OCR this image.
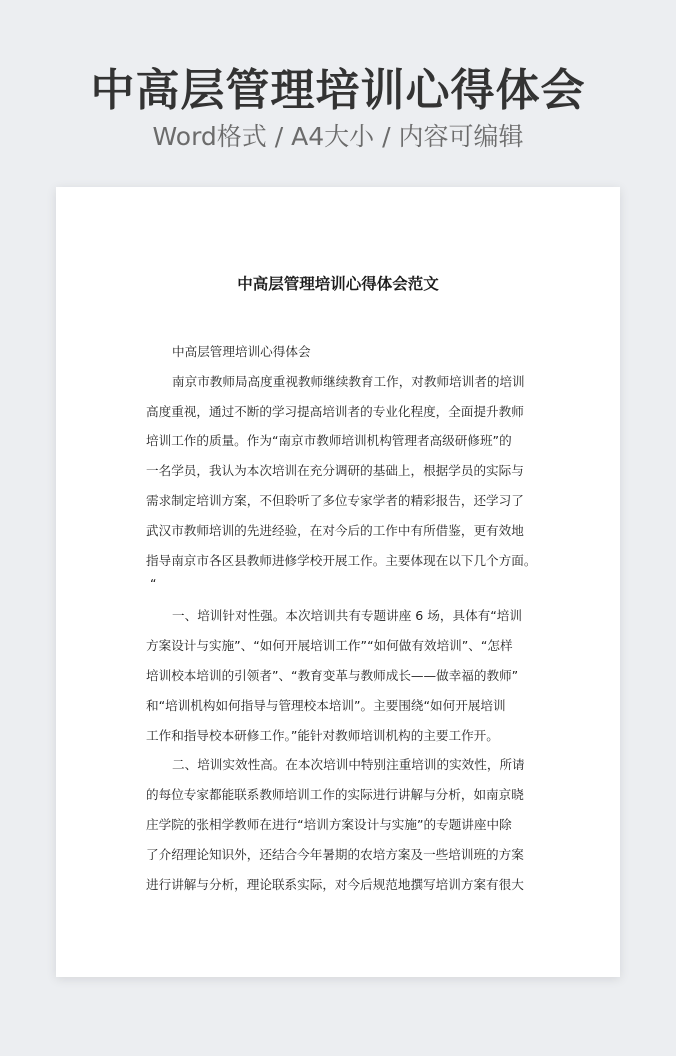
中高层管理培训心得体会
Word格式 / A4大小 / 内容可编辑
中高层管理培训心得体会范文
中高层管理培训心得体会
南京市教师局高度重视教师继续教育工作，对教师培训者的培训
高度重视，通过不断的学习提高培训者的专业化程度，全面提升教师
培训工作的质量。作为“南京市教师培训机构管理者高级研修班”的
一名学员，我认为本次培训在充分调研的基础上，根据学员的实际与
需求制定培训方案，不但聆听了多位专家学者的精彩报告，还学习了
武汉市教师培训的先进经验，在对今后的工作中有所借鉴，更有效地
指导南京市各区县教师进修学校开展工作。主要体现在以下几个方面。
“
一、培训针对性强。本次培训共有专题讲座 6 场，具体有“培训
方案设计与实施”、“如何开展培训工作”“如何做有效培训”、“怎样
培训校本培训的引领者”、“教育变革与教师成长——做幸福的教师”
和“培训机构如何指导与管理校本培训”。主要围绕“如何开展培训
工作和指导校本研修工作。”能针对教师培训机构的主要工作开。
二、培训实效性高。在本次培训中特别注重培训的实效性，所请
的每位专家都能联系教师培训工作的实际进行讲解与分析，如南京晓
庄学院的张相学教师在进行“培训方案设计与实施”的专题讲座中除
了介绍理论知识外，还结合今年暑期的农培方案及一些培训班的方案
进行讲解与分析，理论联系实际，对今后规范地撰写培训方案有很大
